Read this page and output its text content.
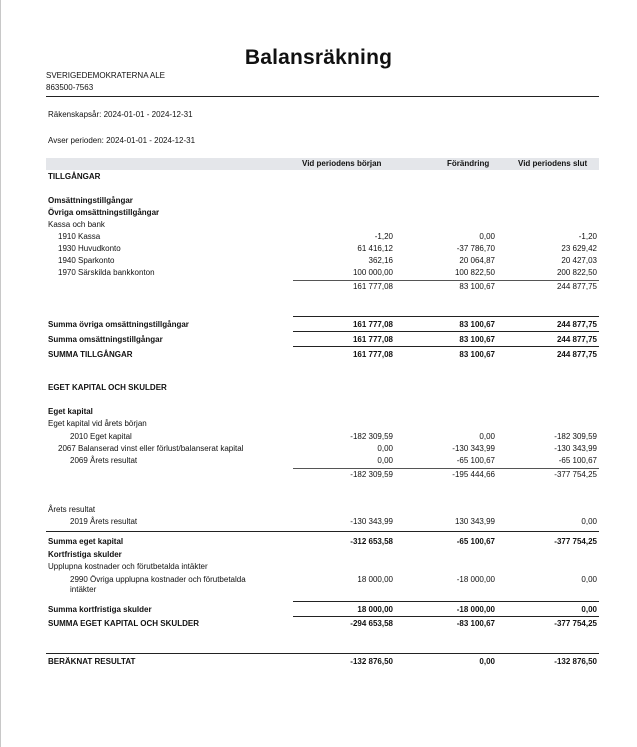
Balansräkning
SVERIGEDEMOKRATERNA ALE
863500-7563
Räkenskapsår: 2024-01-01 - 2024-12-31
Avser perioden: 2024-01-01 - 2024-12-31
Vid periodens början	Förändring	Vid periodens slut
TILLGÅNGAR
Omsättningstillgångar
Övriga omsättningstillgångar
Kassa och bank
1910 Kassa	-1,20	0,00	-1,20
1930 Huvudkonto	61 416,12	-37 786,70	23 629,42
1940 Sparkonto	362,16	20 064,87	20 427,03
1970 Särskilda bankkonton	100 000,00	100 822,50	200 822,50
161 777,08	83 100,67	244 877,75
Summa övriga omsättningstillgångar	161 777,08	83 100,67	244 877,75
Summa omsättningstillgångar	161 777,08	83 100,67	244 877,75
SUMMA TILLGÅNGAR	161 777,08	83 100,67	244 877,75
EGET KAPITAL OCH SKULDER
Eget kapital
Eget kapital vid årets början
2010 Eget kapital	-182 309,59	0,00	-182 309,59
2067 Balanserad vinst eller förlust/balanserat kapital	0,00	-130 343,99	-130 343,99
2069 Årets resultat	0,00	-65 100,67	-65 100,67
-182 309,59	-195 444,66	-377 754,25
Årets resultat
2019 Årets resultat	-130 343,99	130 343,99	0,00
Summa eget kapital	-312 653,58	-65 100,67	-377 754,25
Kortfristiga skulder
Upplupna kostnader och förutbetalda intäkter
2990 Övriga upplupna kostnader och förutbetalda
intäkter
18 000,00	-18 000,00	0,00
Summa kortfristiga skulder	18 000,00	-18 000,00	0,00
SUMMA EGET KAPITAL OCH SKULDER	-294 653,58	-83 100,67	-377 754,25
BERÄKNAT RESULTAT	-132 876,50	0,00	-132 876,50
